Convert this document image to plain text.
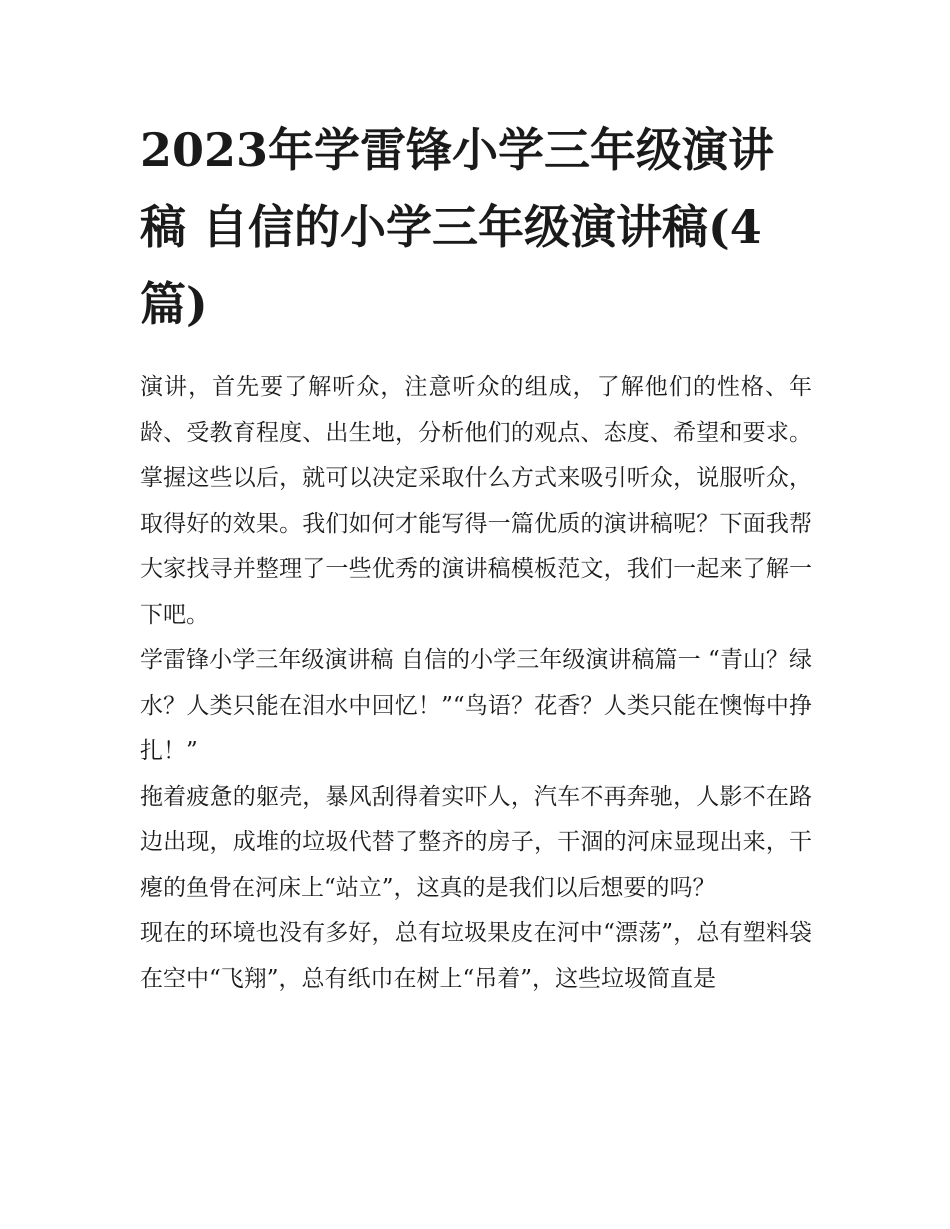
2023年学雷锋小学三年级演讲稿 自信的小学三年级演讲稿(4篇)

演讲，首先要了解听众，注意听众的组成，了解他们的性格、年龄、受教育程度、出生地，分析他们的观点、态度、希望和要求。掌握这些以后，就可以决定采取什么方式来吸引听众，说服听众，取得好的效果。我们如何才能写得一篇优质的演讲稿呢？下面我帮大家找寻并整理了一些优秀的演讲稿模板范文，我们一起来了解一下吧。

学雷锋小学三年级演讲稿 自信的小学三年级演讲稿篇一 “青山？绿水？人类只能在泪水中回忆！”“鸟语？花香？人类只能在懊悔中挣扎！”

拖着疲惫的躯壳，暴风刮得着实吓人，汽车不再奔驰，人影不在路边出现，成堆的垃圾代替了整齐的房子，干涸的河床显现出来，干瘪的鱼骨在河床上“站立”，这真的是我们以后想要的吗？

现在的环境也没有多好，总有垃圾果皮在河中“漂荡”，总有塑料袋在空中“飞翔”，总有纸巾在树上“吊着”，这些垃圾简直是
